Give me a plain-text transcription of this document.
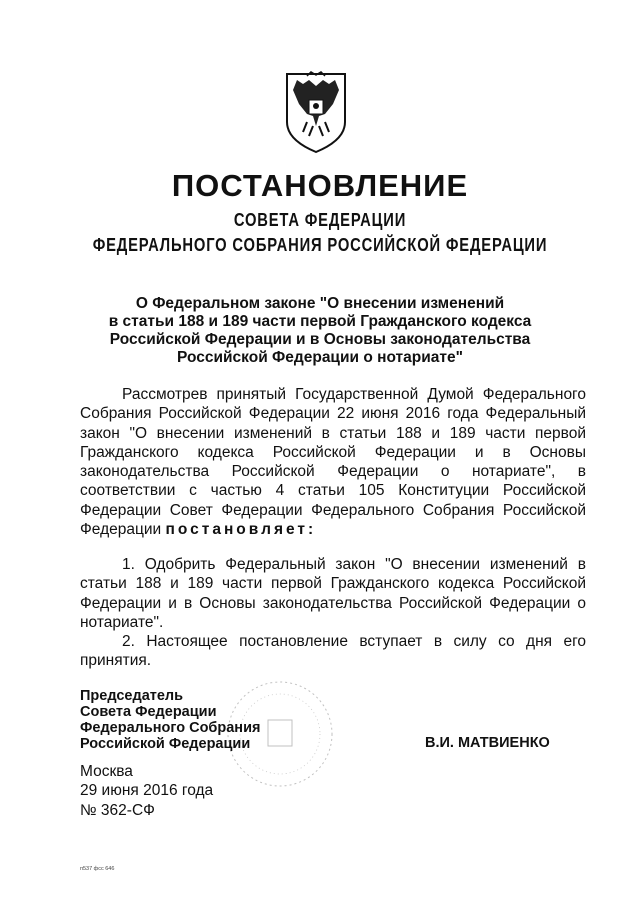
ПОСТАНОВЛЕНИЕ
СОВЕТА ФЕДЕРАЦИИ
ФЕДЕРАЛЬНОГО СОБРАНИЯ РОССИЙСКОЙ ФЕДЕРАЦИИ
О Федеральном законе "О внесении изменений
в статьи 188 и 189 части первой Гражданского кодекса
Российской Федерации и в Основы законодательства
Российской Федерации о нотариате"

Рассмотрев принятый Государственной Думой Федерального
Собрания Российской Федерации 22 июня 2016 года Федеральный
закон "О внесении изменений в статьи 188 и 189 части первой
Гражданского кодекса Российской Федерации и в Основы
законодательства Российской Федерации о нотариате", в
соответствии с частью 4 статьи 105 Конституции Российской
Федерации Совет Федерации Федерального Собрания Российской
Федерации постановляет:

1. Одобрить Федеральный закон "О внесении изменений в
статьи 188 и 189 части первой Гражданского кодекса Российской
Федерации и в Основы законодательства Российской Федерации о
нотариате".
2. Настоящее постановление вступает в силу со дня его
принятия.
Председатель
Совета Федерации
Федерального Собрания
Российской Федерации	В.И. МАТВИЕНКО
Москва
29 июня 2016 года
№ 362-СФ
п537 фсс 646
